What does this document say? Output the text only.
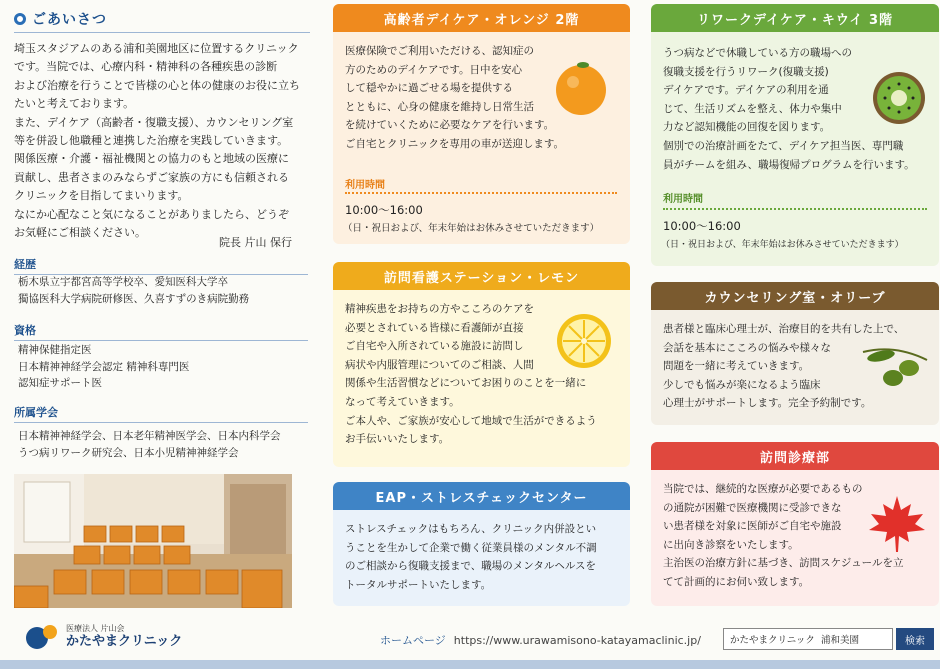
ごあいさつ
埼玉スタジアムのある浦和美園地区に位置するクリニック
です。当院では、心療内科・精神科の各種疾患の診断
および治療を行うことで皆様の心と体の健康のお役に立ち
たいと考えております。
また、デイケア（高齢者・復職支援）、カウンセリング室
等を併設し他職種と連携した治療を実践していきます。
関係医療・介護・福祉機関との協力のもと地域の医療に
貢献し、患者さまのみならずご家族の方にも信頼される
クリニックを目指してまいります。
なにか心配なこと気になることがありましたら、どうぞ
お気軽にご相談ください。
院長 片山 保行
経歴
栃木県立宇都宮高等学校卒、愛知医科大学卒
獨協医科大学病院研修医、久喜すずのき病院勤務
資格
精神保健指定医
日本精神神経学会認定 精神科専門医
認知症サポート医
所属学会
日本精神神経学会、日本老年精神医学会、日本内科学会
うつ病リワーク研究会、日本小児精神神経学会
医療法人 片山会
かたやまクリニック
高齢者デイケア・オレンジ 2階
医療保険でご利用いただける、認知症の
方のためのデイケアです。日中を安心
して穏やかに過ごせる場を提供する
とともに、心身の健康を維持し日常生活
を続けていくために必要なケアを行います。
ご自宅とクリニックを専用の車が送迎します。
利用時間
10:00～16:00
（日・祝日および、年末年始はお休みさせていただきます）
リワークデイケア・キウイ 3階
うつ病などで休職している方の職場への
復職支援を行うリワーク(復職支援)
デイケアです。デイケアの利用を通
じて、生活リズムを整え、体力や集中
力など認知機能の回復を図ります。
個別での治療計画をたて、デイケア担当医、専門職
員がチームを組み、職場復帰プログラムを行います。
利用時間
10:00～16:00
（日・祝日および、年末年始はお休みさせていただきます）
訪問看護ステーション・レモン
精神疾患をお持ちの方やこころのケアを
必要とされている皆様に看護師が直接
ご自宅や入所されている施設に訪問し
病状や内服管理についてのご相談、人間
関係や生活習慣などについてお困りのことを一緒に
なって考えていきます。
ご本人や、ご家族が安心して地域で生活ができるよう
お手伝いいたします。
カウンセリング室・オリーブ
患者様と臨床心理士が、治療目的を共有した上で、
会話を基本にこころの悩みや様々な
問題を一緒に考えていきます。
少しでも悩みが楽になるよう臨床
心理士がサポートします。完全予約制です。
EAP・ストレスチェックセンター
ストレスチェックはもちろん、クリニック内併設とい
うことを生かして企業で働く従業員様のメンタル不調
のご相談から復職支援まで、職場のメンタルヘルスを
トータルサポートいたします。
訪問診療部
当院では、継続的な医療が必要であるもの
の通院が困難で医療機関に受診できな
い患者様を対象に医師がご自宅や施設
に出向き診察をいたします。
主治医の治療方針に基づき、訪問スケジュールを立
てて計画的にお伺い致します。
ホームページ https://www.urawamisono-katayamaclinic.jp/
かたやまクリニック 浦和美園	検索
